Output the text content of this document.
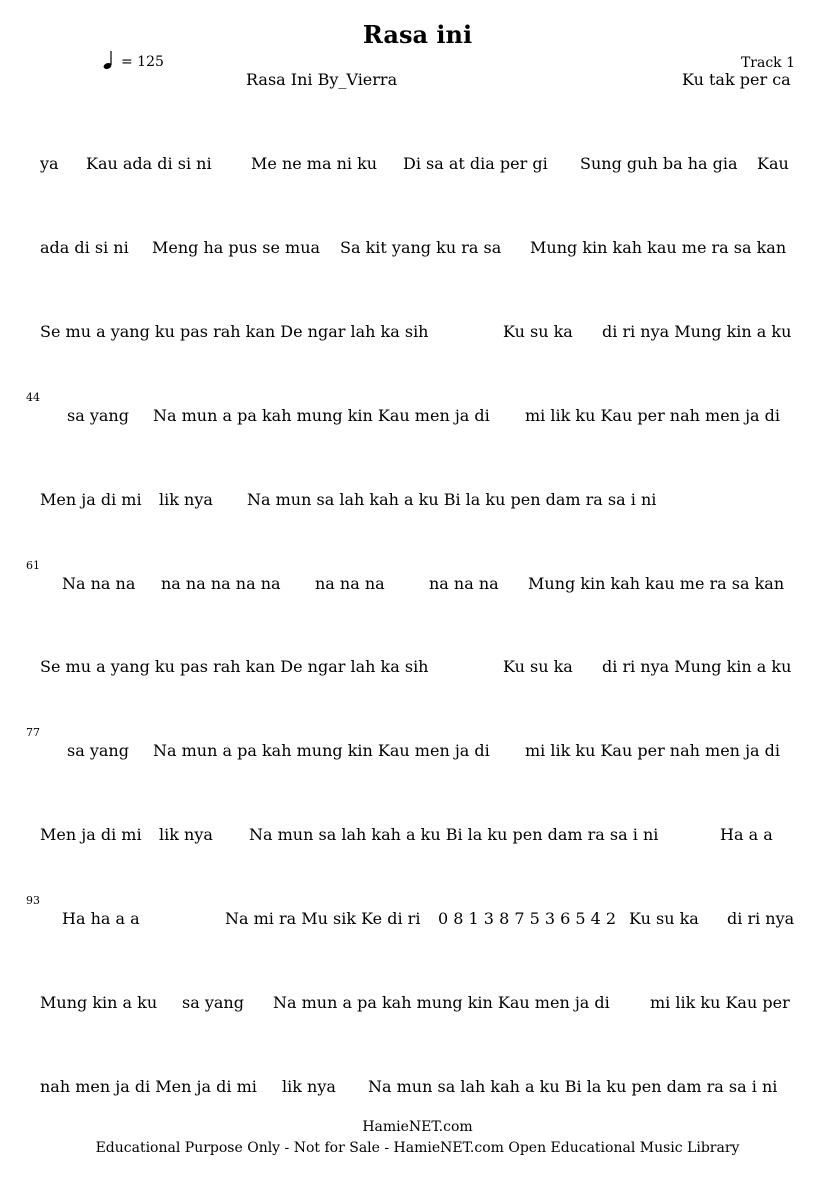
Rasa ini
= 125
Rasa Ini By_Vierra
Track 1
Ku tak per ca
ya Kau ada di si ni Me ne ma ni ku Di sa at dia per gi Sung guh ba ha gia Kau
ada di si ni Meng ha pus se mua Sa kit yang ku ra sa Mung kin kah kau me ra sa kan
Se mu a yang ku pas rah kan De ngar lah ka sih	Ku su ka di ri nya Mung kin a ku
44
sa yang Na mun a pa kah mung kin Kau men ja di mi lik ku Kau per nah men ja di
Men ja di mi lik nya Na mun sa lah kah a ku Bi la ku pen dam ra sa i ni
61
Na na na na na na na na na na na	na na na Mung kin kah kau me ra sa kan
Se mu a yang ku pas rah kan De ngar lah ka sih	Ku su ka di ri nya Mung kin a ku
77
sa yang Na mun a pa kah mung kin Kau men ja di mi lik ku Kau per nah men ja di
Men ja di mi lik nya Na mun sa lah kah a ku Bi la ku pen dam ra sa i ni	Ha a a
93
Ha ha a a	Na mi ra Mu sik Ke di ri 0 8 1 3 8 7 5 3 6 5 4 2 Ku su ka di ri nya
Mung kin a ku sa yang Na mun a pa kah mung kin Kau men ja di	mi lik ku Kau per
nah men ja di Men ja di mi lik nya Na mun sa lah kah a ku Bi la ku pen dam ra sa i ni
HamieNET.com
Educational Purpose Only - Not for Sale - HamieNET.com Open Educational Music Library
